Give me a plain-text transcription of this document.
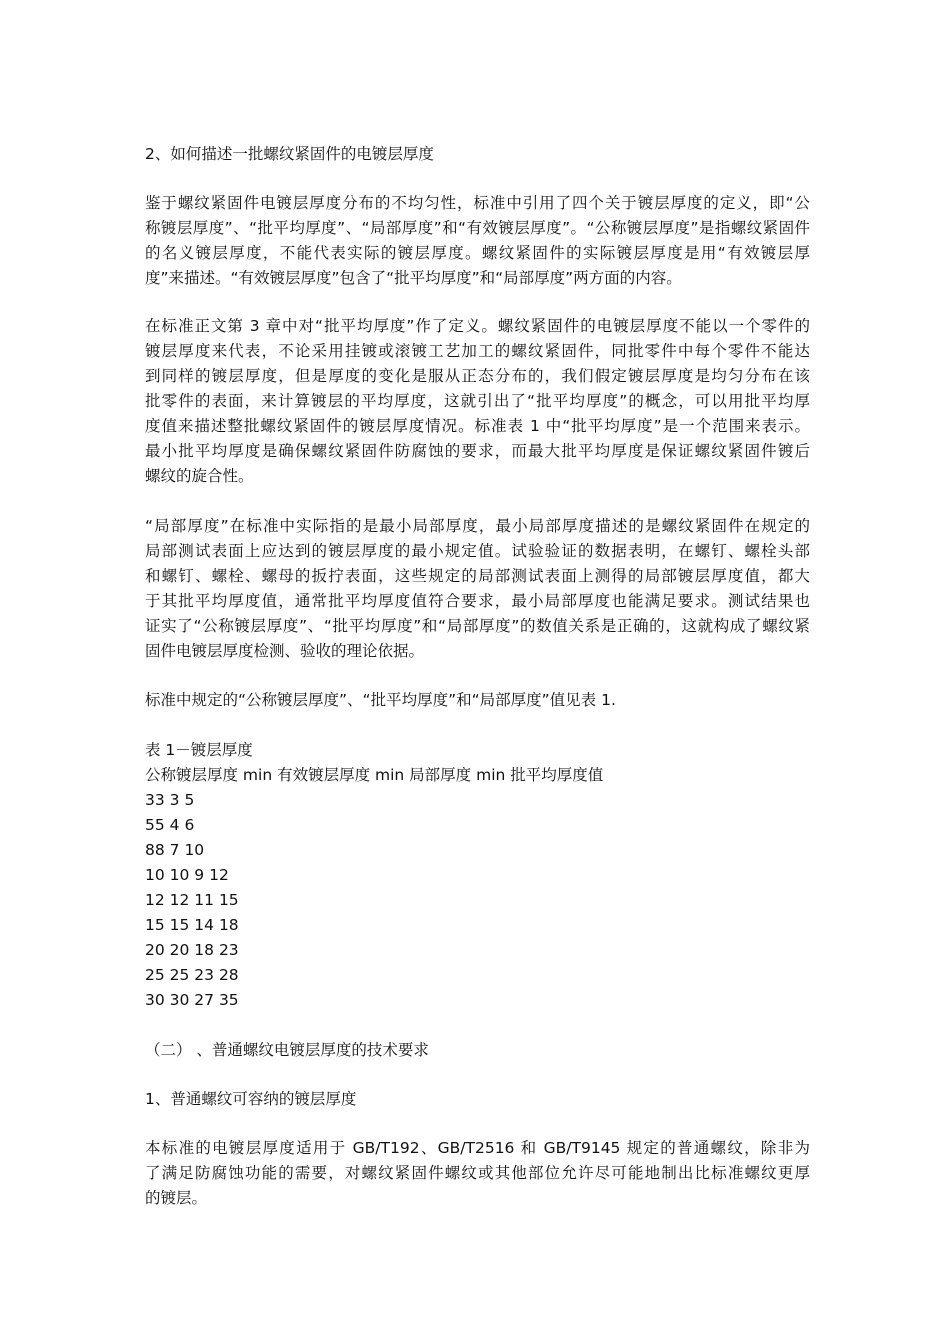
2、如何描述一批螺纹紧固件的电镀层厚度
鉴于螺纹紧固件电镀层厚度分布的不均匀性，标准中引用了四个关于镀层厚度的定义，即“公
称镀层厚度”、“批平均厚度”、“局部厚度”和“有效镀层厚度”。“公称镀层厚度”是指螺纹紧固件
的名义镀层厚度，不能代表实际的镀层厚度。螺纹紧固件的实际镀层厚度是用“有效镀层厚
度”来描述。“有效镀层厚度”包含了“批平均厚度”和“局部厚度”两方面的内容。
在标准正文第 3 章中对“批平均厚度”作了定义。螺纹紧固件的电镀层厚度不能以一个零件的
镀层厚度来代表，不论采用挂镀或滚镀工艺加工的螺纹紧固件，同批零件中每个零件不能达
到同样的镀层厚度，但是厚度的变化是服从正态分布的，我们假定镀层厚度是均匀分布在该
批零件的表面，来计算镀层的平均厚度，这就引出了“批平均厚度”的概念，可以用批平均厚
度值来描述整批螺纹紧固件的镀层厚度情况。标准表 1 中“批平均厚度”是一个范围来表示。
最小批平均厚度是确保螺纹紧固件防腐蚀的要求，而最大批平均厚度是保证螺纹紧固件镀后
螺纹的旋合性。
“局部厚度”在标准中实际指的是最小局部厚度，最小局部厚度描述的是螺纹紧固件在规定的
局部测试表面上应达到的镀层厚度的最小规定值。试验验证的数据表明，在螺钉、螺栓头部
和螺钉、螺栓、螺母的扳拧表面，这些规定的局部测试表面上测得的局部镀层厚度值，都大
于其批平均厚度值，通常批平均厚度值符合要求，最小局部厚度也能满足要求。测试结果也
证实了“公称镀层厚度”、“批平均厚度”和“局部厚度”的数值关系是正确的，这就构成了螺纹紧
固件电镀层厚度检测、验收的理论依据。
标准中规定的“公称镀层厚度”、“批平均厚度”和“局部厚度”值见表 1.
表 1－镀层厚度
公称镀层厚度 min 有效镀层厚度 min 局部厚度 min 批平均厚度值
33 3 5
55 4 6
88 7 10
10 10 9 12
12 12 11 15
15 15 14 18
20 20 18 23
25 25 23 28
30 30 27 35
（二） 、普通螺纹电镀层厚度的技术要求
1、普通螺纹可容纳的镀层厚度
本标准的电镀层厚度适用于 GB/T192、GB/T2516 和 GB/T9145 规定的普通螺纹，除非为
了满足防腐蚀功能的需要，对螺纹紧固件螺纹或其他部位允许尽可能地制出比标准螺纹更厚
的镀层。
